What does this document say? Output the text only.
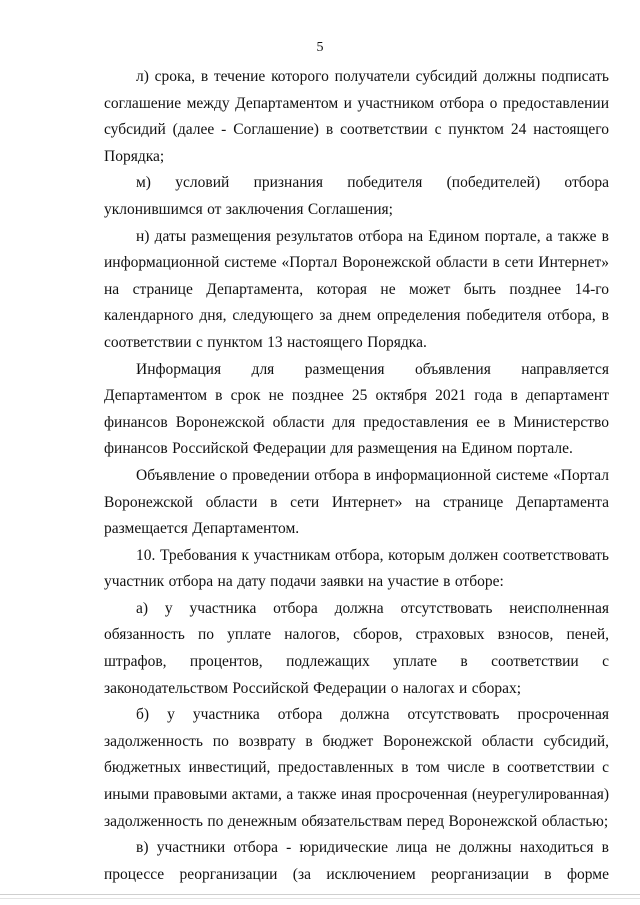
5

л) срока, в течение которого получатели субсидий должны подписать соглашение между Департаментом и участником отбора о предоставлении субсидий (далее - Соглашение) в соответствии с пунктом 24 настоящего Порядка;

м) условий признания победителя (победителей) отбора уклонившимся от заключения Соглашения;

н) даты размещения результатов отбора на Едином портале, а также в информационной системе «Портал Воронежской области в сети Интернет» на странице Департамента, которая не может быть позднее 14-го календарного дня, следующего за днем определения победителя отбора, в соответствии с пунктом 13 настоящего Порядка.

Информация для размещения объявления направляется Департаментом в срок не позднее 25 октября 2021 года в департамент финансов Воронежской области для предоставления ее в Министерство финансов Российской Федерации для размещения на Едином портале.

Объявление о проведении отбора в информационной системе «Портал Воронежской области в сети Интернет» на странице Департамента размещается Департаментом.

10. Требования к участникам отбора, которым должен соответствовать участник отбора на дату подачи заявки на участие в отборе:

а) у участника отбора должна отсутствовать неисполненная обязанность по уплате налогов, сборов, страховых взносов, пеней, штрафов, процентов, подлежащих уплате в соответствии с законодательством Российской Федерации о налогах и сборах;

б) у участника отбора должна отсутствовать просроченная задолженность по возврату в бюджет Воронежской области субсидий, бюджетных инвестиций, предоставленных в том числе в соответствии с иными правовыми актами, а также иная просроченная (неурегулированная) задолженность по денежным обязательствам перед Воронежской областью;

в) участники отбора - юридические лица не должны находиться в процессе реорганизации (за исключением реорганизации в форме
